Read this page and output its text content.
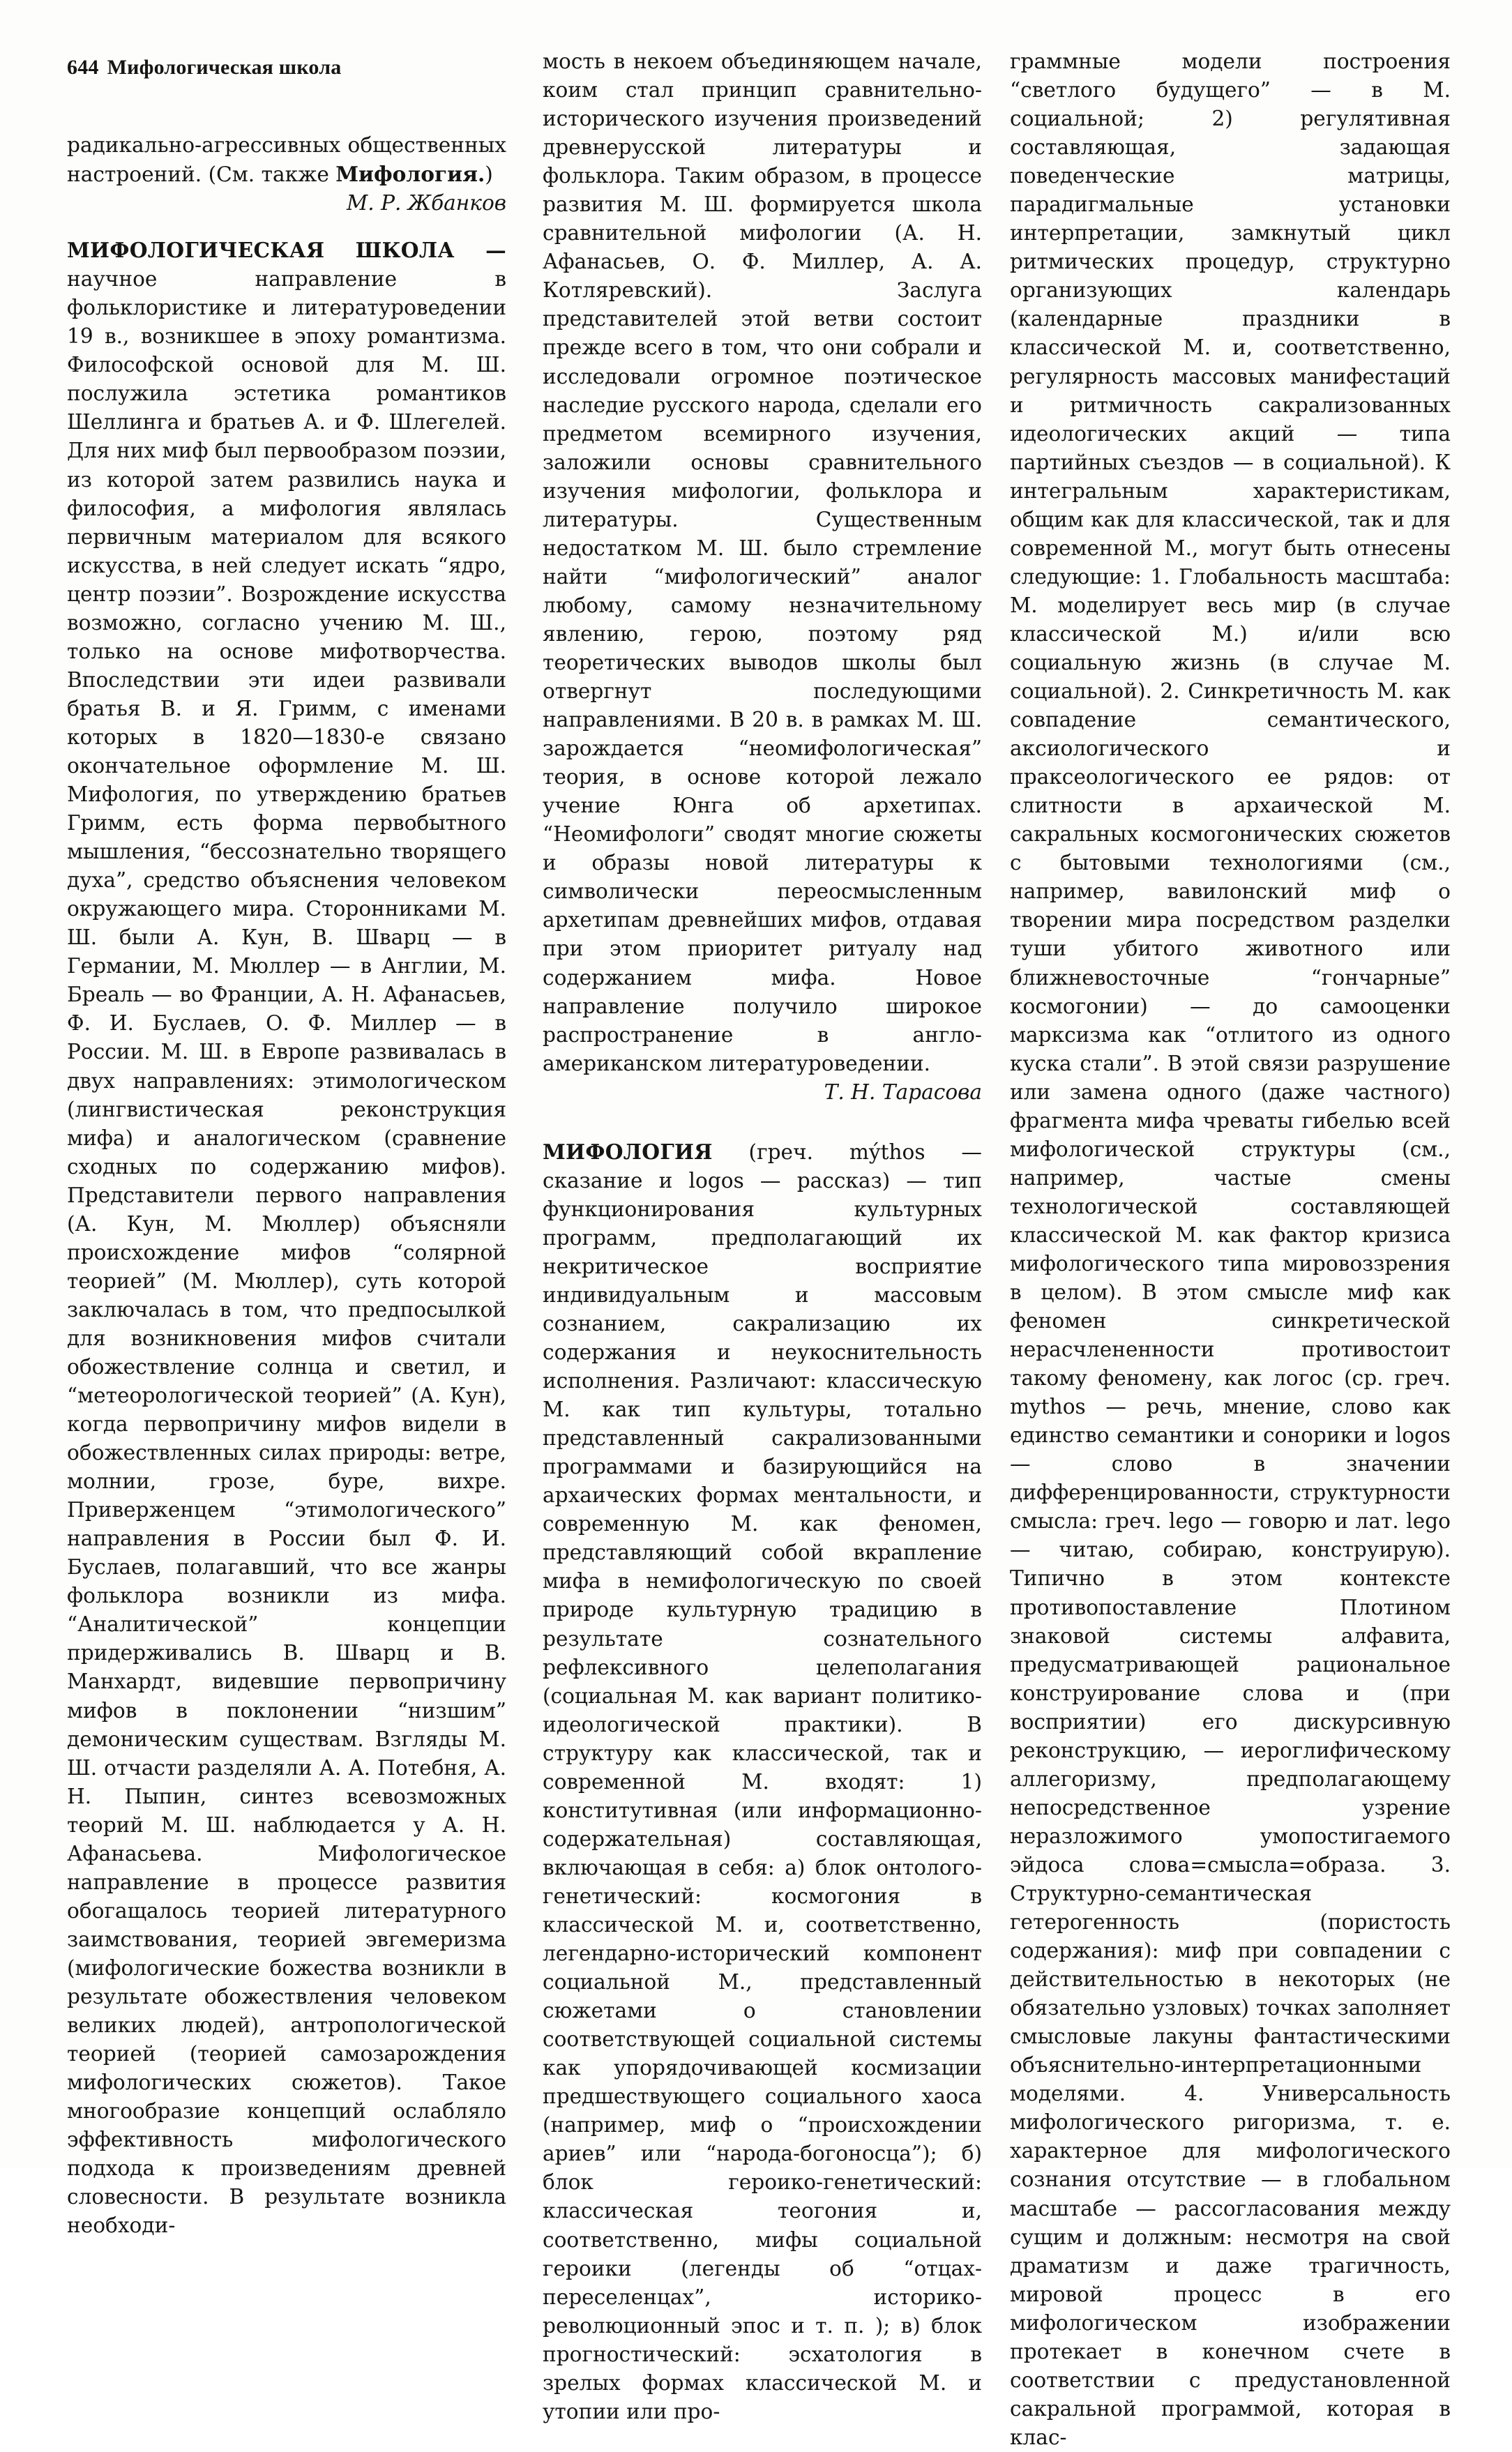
644 Мифологическая школа

радикально-агрессивных общественных настроений. (См. также Мифология.)

М. Р. Жбанков

МИФОЛОГИЧЕСКАЯ ШКОЛА — научное направление в фольклористике и литературоведении 19 в., возникшее в эпоху романтизма. Философской основой для М. Ш. послужила эстетика романтиков Шеллинга и братьев А. и Ф. Шлегелей. Для них миф был первообразом поэзии, из которой затем развились наука и философия, а мифология являлась первичным материалом для всякого искусства, в ней следует искать “ядро, центр поэзии”. Возрождение искусства возможно, согласно учению М. Ш., только на основе мифотворчества. Впоследствии эти идеи развивали братья В. и Я. Гримм, с именами которых в 1820—1830-е связано окончательное оформление М. Ш. Мифология, по утверждению братьев Гримм, есть форма первобытного мышления, “бессознательно творящего духа”, средство объяснения человеком окружающего мира. Сторонниками М. Ш. были А. Кун, В. Шварц — в Германии, М. Мюллер — в Англии, М. Бреаль — во Франции, А. Н. Афанасьев, Ф. И. Буслаев, О. Ф. Миллер — в России. М. Ш. в Европе развивалась в двух направлениях: этимологическом (лингвистическая реконструкция мифа) и аналогическом (сравнение сходных по содержанию мифов). Представители первого направления (А. Кун, М. Мюллер) объясняли происхождение мифов “солярной теорией” (М. Мюллер), суть которой заключалась в том, что предпосылкой для возникновения мифов считали обожествление солнца и светил, и “метеорологической теорией” (А. Кун), когда первопричину мифов видели в обожествленных силах природы: ветре, молнии, грозе, буре, вихре. Приверженцем “этимологического” направления в России был Ф. И. Буслаев, полагавший, что все жанры фольклора возникли из мифа. “Аналитической” концепции придерживались В. Шварц и В. Манхардт, видевшие первопричину мифов в поклонении “низшим” демоническим существам. Взгляды М. Ш. отчасти разделяли А. А. Потебня, А. Н. Пыпин, синтез всевозможных теорий М. Ш. наблюдается у А. Н. Афанасьева. Мифологическое направление в процессе развития обогащалось теорией литературного заимствования, теорией эвгемеризма (мифологические божества возникли в результате обожествления человеком великих людей), антропологической теорией (теорией самозарождения мифологических сюжетов). Такое многообразие концепций ослабляло эффективность мифологического подхода к произведениям древней словесности. В результате возникла необходи-

мость в некоем объединяющем начале, коим стал принцип сравнительно-исторического изучения произведений древнерусской литературы и фольклора. Таким образом, в процессе развития М. Ш. формируется школа сравнительной мифологии (А. Н. Афанасьев, О. Ф. Миллер, А. А. Котляревский). Заслуга представителей этой ветви состоит прежде всего в том, что они собрали и исследовали огромное поэтическое наследие русского народа, сделали его предметом всемирного изучения, заложили основы сравнительного изучения мифологии, фольклора и литературы. Существенным недостатком М. Ш. было стремление найти “мифологический” аналог любому, самому незначительному явлению, герою, поэтому ряд теоретических выводов школы был отвергнут последующими направлениями. В 20 в. в рамках М. Ш. зарождается “неомифологическая” теория, в основе которой лежало учение Юнга об архетипах. “Неомифологи” сводят многие сюжеты и образы новой литературы к символически переосмысленным архетипам древнейших мифов, отдавая при этом приоритет ритуалу над содержанием мифа. Новое направление получило широкое распространение в англо-американском литературоведении.

Т. Н. Тарасова

МИФОЛОГИЯ (греч. mýthos — сказание и logos — рассказ) — тип функционирования культурных программ, предполагающий их некритическое восприятие индивидуальным и массовым сознанием, сакрализацию их содержания и неукоснительность исполнения. Различают: классическую М. как тип культуры, тотально представленный сакрализованными программами и базирующийся на архаических формах ментальности, и современную М. как феномен, представляющий собой вкрапление мифа в немифологическую по своей природе культурную традицию в результате сознательного рефлексивного целеполагания (социальная М. как вариант политико-идеологической практики). В структуру как классической, так и современной М. входят: 1) конститутивная (или информационно-содержательная) составляющая, включающая в себя: а) блок онтолого-генетический: космогония в классической М. и, соответственно, легендарно-исторический компонент социальной М., представленный сюжетами о становлении соответствующей социальной системы как упорядочивающей космизации предшествующего социального хаоса (например, миф о “происхождении ариев” или “народа-богоносца”); б) блок героико-генетический: классическая теогония и, соответственно, мифы социальной героики (легенды об “отцах-переселенцах”, историко-революционный эпос и т. п. ); в) блок прогностический: эсхатология в зрелых формах классической М. и утопии или про-

граммные модели построения “светлого будущего” — в М. социальной; 2) регулятивная составляющая, задающая поведенческие матрицы, парадигмальные установки интерпретации, замкнутый цикл ритмических процедур, структурно организующих календарь (календарные праздники в классической М. и, соответственно, регулярность массовых манифестаций и ритмичность сакрализованных идеологических акций — типа партийных съездов — в социальной). К интегральным характеристикам, общим как для классической, так и для современной М., могут быть отнесены следующие: 1. Глобальность масштаба: М. моделирует весь мир (в случае классической М.) и/или всю социальную жизнь (в случае М. социальной). 2. Синкретичность М. как совпадение семантического, аксиологического и праксеологического ее рядов: от слитности в архаической М. сакральных космогонических сюжетов с бытовыми технологиями (см., например, вавилонский миф о творении мира посредством разделки туши убитого животного или ближневосточные “гончарные” космогонии) — до самооценки марксизма как “отлитого из одного куска стали”. В этой связи разрушение или замена одного (даже частного) фрагмента мифа чреваты гибелью всей мифологической структуры (см., например, частые смены технологической составляющей классической М. как фактор кризиса мифологического типа мировоззрения в целом). В этом смысле миф как феномен синкретической нерасчлененности противостоит такому феномену, как логос (ср. греч. mythos — речь, мнение, слово как единство семантики и сонорики и logos — слово в значении дифференцированности, структурности смысла: греч. lego — говорю и лат. lego — читаю, собираю, конструирую). Типично в этом контексте противопоставление Плотином знаковой системы алфавита, предусматривающей рациональное конструирование слова и (при восприятии) его дискурсивную реконструкцию, — иероглифическому аллегоризму, предполагающему непосредственное узрение неразложимого умопостигаемого эйдоса слова=смысла=образа. 3. Структурно-семантическая гетерогенность (пористость содержания): миф при совпадении с действительностью в некоторых (не обязательно узловых) точках заполняет смысловые лакуны фантастическими объяснительно-интерпретационными моделями. 4. Универсальность мифологического ригоризма, т. е. характерное для мифологического сознания отсутствие — в глобальном масштабе — рассогласования между сущим и должным: несмотря на свой драматизм и даже трагичность, мировой процесс в его мифологическом изображении протекает в конечном счете в соответствии с предустановленной сакральной программой, которая в клас-
